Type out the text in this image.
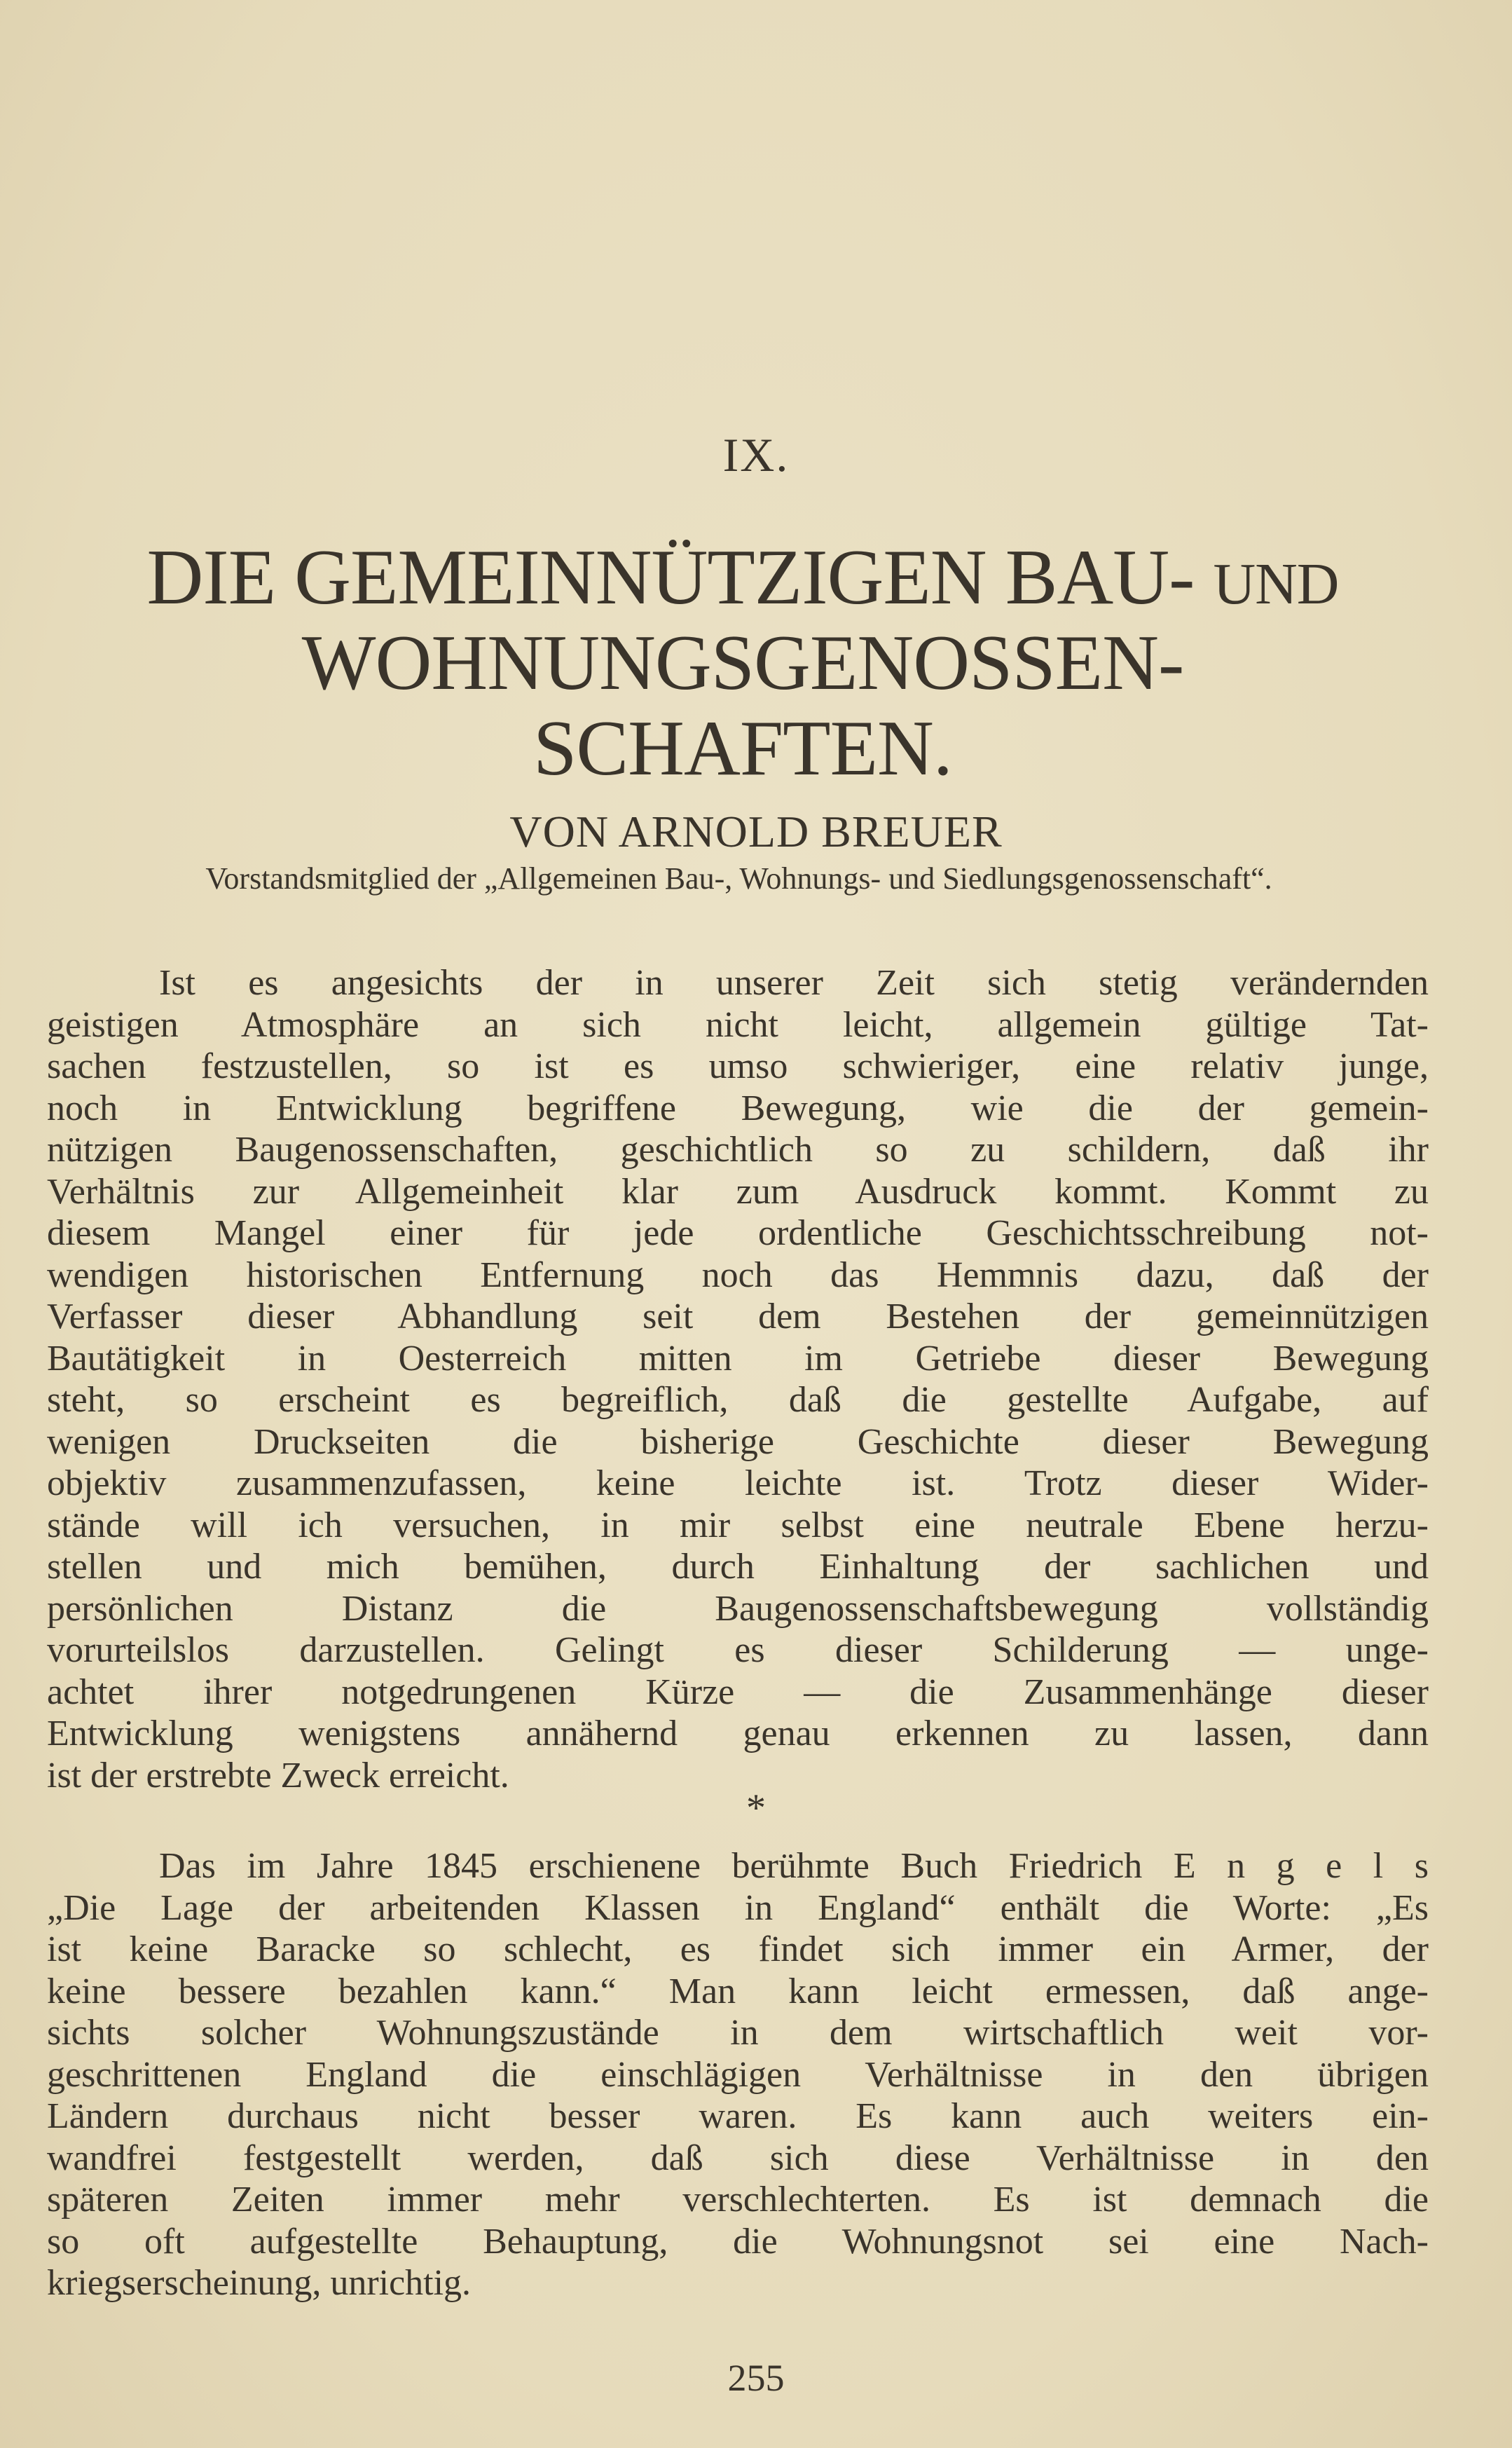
IX.
DIE GEMEINNÜTZIGEN BAU- UND
WOHNUNGSGENOSSEN-
SCHAFTEN.
VON ARNOLD BREUER
Vorstandsmitglied der „Allgemeinen Bau-, Wohnungs- und Siedlungsgenossenschaft“.
Ist es angesichts der in unserer Zeit sich stetig verändernden
geistigen Atmosphäre an sich nicht leicht, allgemein gültige Tat-
sachen festzustellen, so ist es umso schwieriger, eine relativ junge,
noch in Entwicklung begriffene Bewegung, wie die der gemein-
nützigen Baugenossenschaften, geschichtlich so zu schildern, daß ihr
Verhältnis zur Allgemeinheit klar zum Ausdruck kommt. Kommt zu
diesem Mangel einer für jede ordentliche Geschichtsschreibung not-
wendigen historischen Entfernung noch das Hemmnis dazu, daß der
Verfasser dieser Abhandlung seit dem Bestehen der gemeinnützigen
Bautätigkeit in Oesterreich mitten im Getriebe dieser Bewegung
steht, so erscheint es begreiflich, daß die gestellte Aufgabe, auf
wenigen Druckseiten die bisherige Geschichte dieser Bewegung
objektiv zusammenzufassen, keine leichte ist. Trotz dieser Wider-
stände will ich versuchen, in mir selbst eine neutrale Ebene herzu-
stellen und mich bemühen, durch Einhaltung der sachlichen und
persönlichen Distanz die Baugenossenschaftsbewegung vollständig
vorurteilslos darzustellen. Gelingt es dieser Schilderung — unge-
achtet ihrer notgedrungenen Kürze — die Zusammenhänge dieser
Entwicklung wenigstens annähernd genau erkennen zu lassen, dann
ist der erstrebte Zweck erreicht.
*
Das im Jahre 1845 erschienene berühmte Buch Friedrich E n g e l s
„Die Lage der arbeitenden Klassen in England“ enthält die Worte: „Es
ist keine Baracke so schlecht, es findet sich immer ein Armer, der
keine bessere bezahlen kann.“ Man kann leicht ermessen, daß ange-
sichts solcher Wohnungszustände in dem wirtschaftlich weit vor-
geschrittenen England die einschlägigen Verhältnisse in den übrigen
Ländern durchaus nicht besser waren. Es kann auch weiters ein-
wandfrei festgestellt werden, daß sich diese Verhältnisse in den
späteren Zeiten immer mehr verschlechterten. Es ist demnach die
so oft aufgestellte Behauptung, die Wohnungsnot sei eine Nach-
kriegserscheinung, unrichtig.
255
